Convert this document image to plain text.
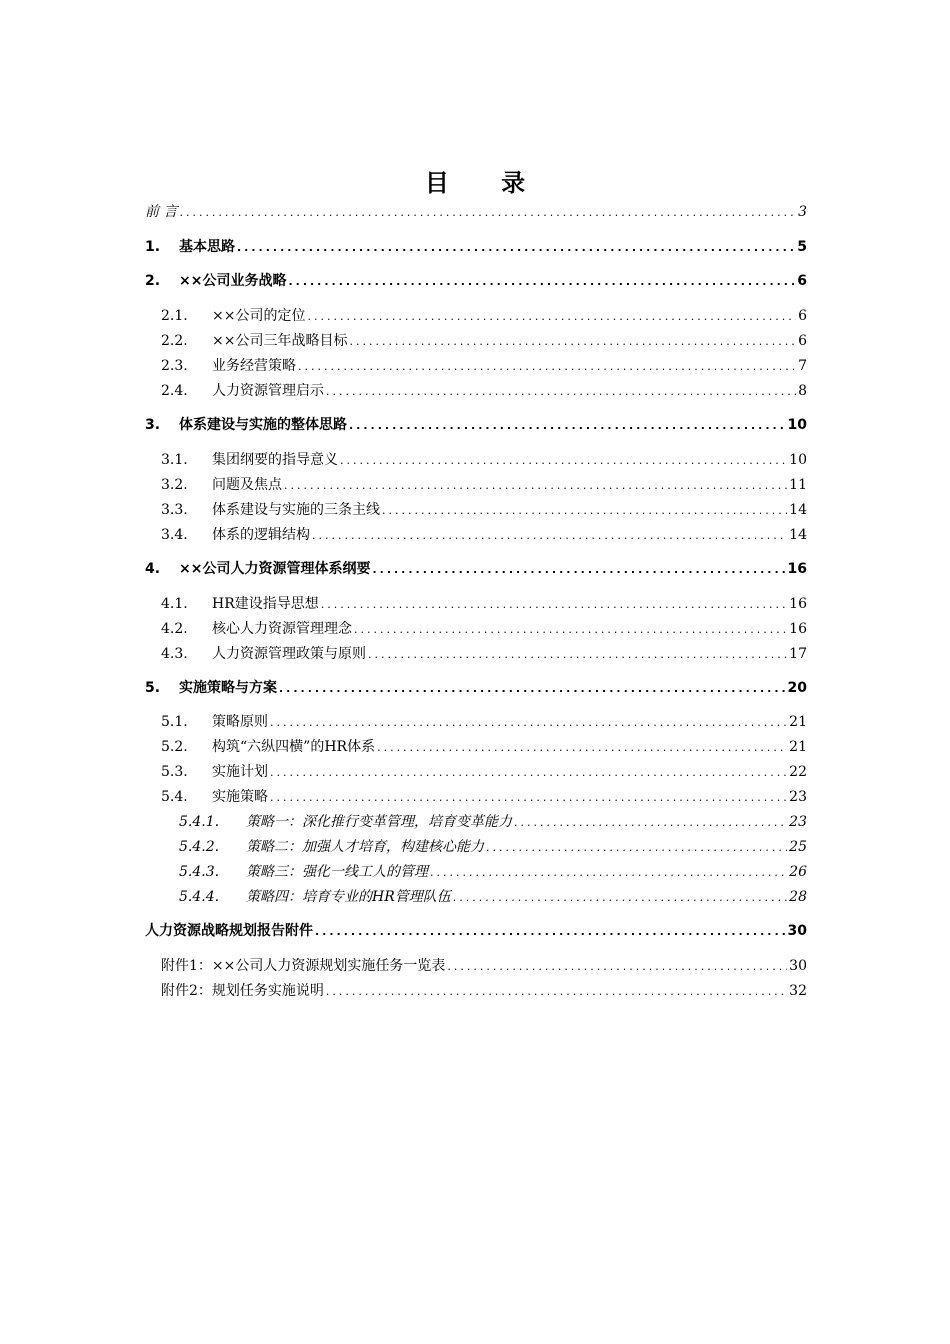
目 录
前 言 .....	3
1.	基本思路 .....	5
2.	××公司业务战略 .....	6
2.1.	××公司的定位 .....	6
2.2.	××公司三年战略目标 .....	6
2.3.	业务经营策略 .....	7
2.4.	人力资源管理启示 .....	8
3.	体系建设与实施的整体思路 .....	10
3.1.	集团纲要的指导意义 .....	10
3.2.	问题及焦点 .....	11
3.3.	体系建设与实施的三条主线 .....	14
3.4.	体系的逻辑结构 .....	14
4.	××公司人力资源管理体系纲要 .....	16
4.1.	HR建设指导思想 .....	16
4.2.	核心人力资源管理理念 .....	16
4.3.	人力资源管理政策与原则 .....	17
5.	实施策略与方案 .....	20
5.1.	策略原则 .....	21
5.2.	构筑“六纵四横”的HR体系 .....	21
5.3.	实施计划 .....	22
5.4.	实施策略 .....	23
5.4.1.	策略一：深化推行变革管理，培育变革能力 .....	23
5.4.2.	策略二：加强人才培育，构建核心能力 .....	25
5.4.3.	策略三：强化一线工人的管理 .....	26
5.4.4.	策略四：培育专业的HR管理队伍 .....	28
人力资源战略规划报告附件 .....	30
附件1：××公司人力资源规划实施任务一览表 .....	30
附件2：规划任务实施说明 .....	32
